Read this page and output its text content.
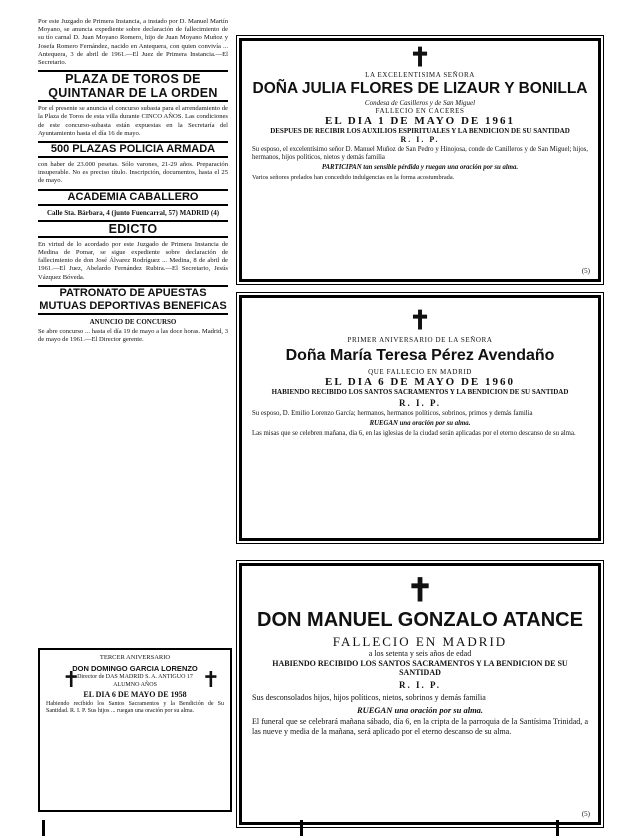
Por este Juzgado de Primera Instancia, a instado por D. Manuel Martín Moyano, se anuncia expediente sobre declaración de fallecimiento de su tío carnal D. Juan Moyano Romero, hijo de Juan Moyano Muñoz y Josefa Romero Fernández, nacido en Antequera, con quien convivía ... Antequera, 3 de abril de 1961.—El Juez de Primera Instancia.—El Secretario.

PLAZA DE TOROS DE QUINTANAR DE LA ORDEN

Por el presente se anuncia el concurso subasta para el arrendamiento de la Plaza de Toros de esta villa durante CINCO AÑOS. Las condiciones de este concurso-subasta están expuestas en la Secretaría del Ayuntamiento hasta el día 16 de mayo.

500 PLAZAS POLICIA ARMADA

con haber de 23.000 pesetas. Sólo varones, 21-29 años. Preparación insuperable. No es preciso título. Inscripción, documentos, hasta el 25 de mayo.

ACADEMIA CABALLERO
Calle Sta. Bárbara, 4 (junto Fuencarral, 57) MADRID (4)
EDICTO

En virtud de lo acordado por este Juzgado de Primera Instancia de Medina de Pomar, se sigue expediente sobre declaración de fallecimiento de don José Álvarez Rodríguez ... Medina, 8 de abril de 1961.—El Juez, Abelardo Fernández Rubira.—El Secretario, Jesús Vázquez Bóveda.

PATRONATO DE APUESTAS MUTUAS DEPORTIVAS BENEFICAS
ANUNCIO DE CONCURSO

Se abre concurso ... hasta el día 19 de mayo a las doce horas. Madrid, 3 de mayo de 1961.—El Director gerente.

TERCER ANIVERSARIO
✝	✝
DON DOMINGO GARCIA LORENZO
Director de DAS MADRID S. A. ANTIGUO 17 ALUMNO AÑOS
EL DIA 6 DE MAYO DE 1958
Habiendo recibido los Santos Sacramentos y la Bendición de Su Santidad. R. I. P. Sus hijos ... ruegan una oración por su alma.
✝
LA EXCELENTISIMA SEÑORA
DOÑA JULIA FLORES DE LIZAUR Y BONILLA
Condesa de Casilleros y de San Miguel
FALLECIO EN CACERES
EL DIA 1 DE MAYO DE 1961
DESPUES DE RECIBIR LOS AUXILIOS ESPIRITUALES Y LA BENDICION DE SU SANTIDAD
R. I. P.

Su esposo, el excelentísimo señor D. Manuel Muñoz de San Pedro y Hinojosa, conde de Canilleros y de San Miguel; hijos, hermanos, hijos políticos, nietos y demás familia

PARTICIPAN tan sensible pérdida y ruegan una oración por su alma.

Varios señores prelados han concedido indulgencias en la forma acostumbrada.

(5)
✝
PRIMER ANIVERSARIO DE LA SEÑORA
Doña María Teresa Pérez Avendaño
QUE FALLECIO EN MADRID
EL DIA 6 DE MAYO DE 1960
HABIENDO RECIBIDO LOS SANTOS SACRAMENTOS Y LA BENDICION DE SU SANTIDAD
R. I. P.

Su esposo, D. Emilio Lorenzo García; hermanos, hermanos políticos, sobrinos, primos y demás familia

RUEGAN una oración por su alma.

Las misas que se celebren mañana, día 6, en las iglesias de la ciudad serán aplicadas por el eterno descanso de su alma.

✝
DON MANUEL GONZALO ATANCE
FALLECIO EN MADRID
a los setenta y seis años de edad
HABIENDO RECIBIDO LOS SANTOS SACRAMENTOS Y LA BENDICION DE SU SANTIDAD
R. I. P.

Sus desconsolados hijos, hijos políticos, nietos, sobrinos y demás familia

RUEGAN una oración por su alma.

El funeral que se celebrará mañana sábado, día 6, en la cripta de la parroquia de la Santísima Trinidad, a las nueve y media de la mañana, será aplicado por el eterno descanso de su alma.

(5)
